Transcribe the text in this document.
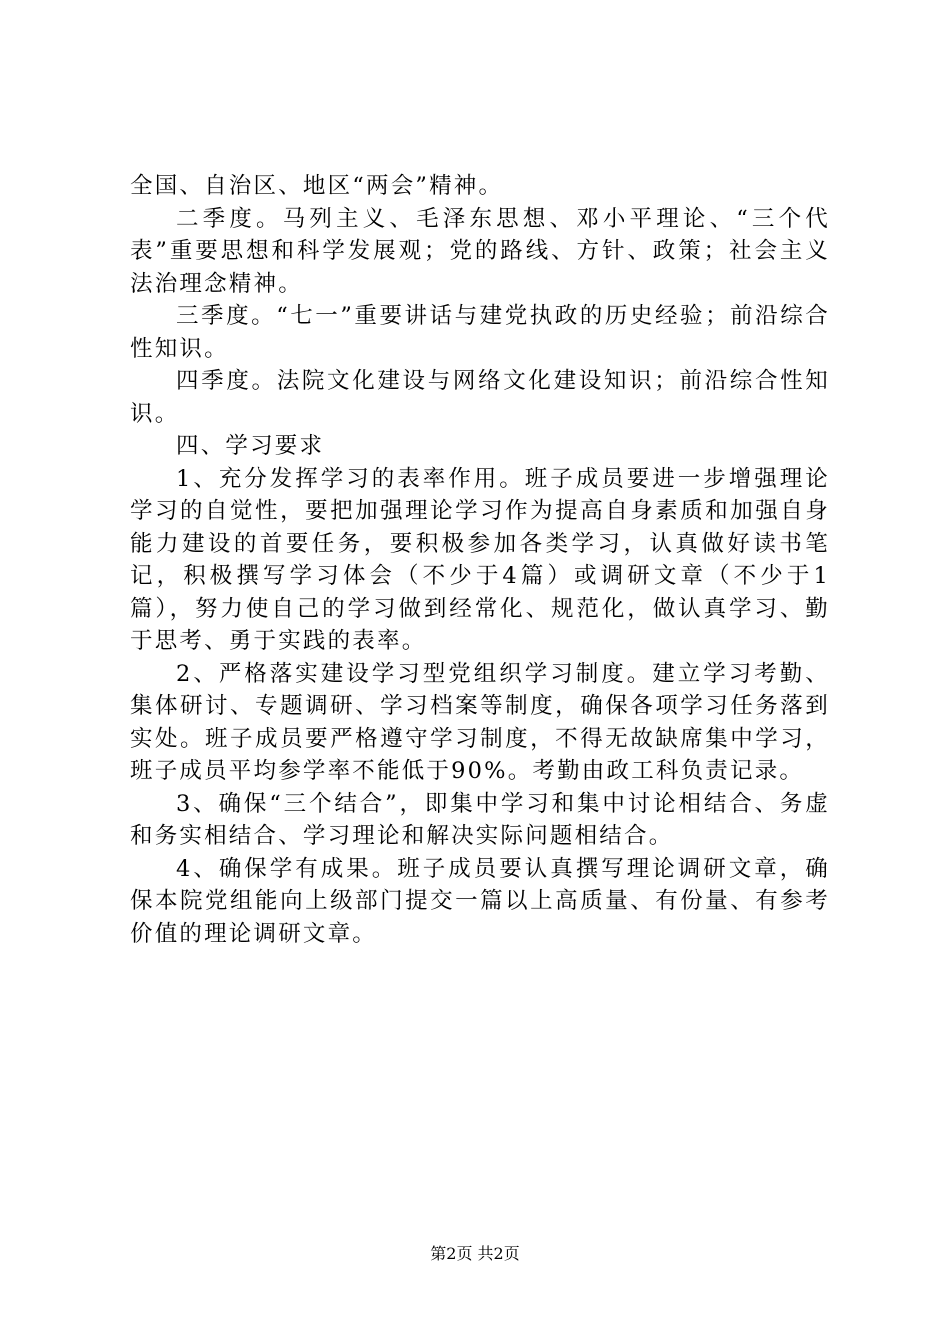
全国、自治区、地区“两会”精神。

二季度。马列主义、毛泽东思想、邓小平理论、“三个代表”重要思想和科学发展观；党的路线、方针、政策；社会主义法治理念精神。

三季度。“七一”重要讲话与建党执政的历史经验；前沿综合性知识。

四季度。法院文化建设与网络文化建设知识；前沿综合性知识。

四、学习要求

1、充分发挥学习的表率作用。班子成员要进一步增强理论学习的自觉性，要把加强理论学习作为提高自身素质和加强自身能力建设的首要任务，要积极参加各类学习，认真做好读书笔记，积极撰写学习体会（不少于4篇）或调研文章（不少于1篇），努力使自己的学习做到经常化、规范化，做认真学习、勤于思考、勇于实践的表率。

2、严格落实建设学习型党组织学习制度。建立学习考勤、集体研讨、专题调研、学习档案等制度，确保各项学习任务落到实处。班子成员要严格遵守学习制度，不得无故缺席集中学习，班子成员平均参学率不能低于90%。考勤由政工科负责记录。

3、确保“三个结合”，即集中学习和集中讨论相结合、务虚和务实相结合、学习理论和解决实际问题相结合。

4、确保学有成果。班子成员要认真撰写理论调研文章，确保本院党组能向上级部门提交一篇以上高质量、有份量、有参考价值的理论调研文章。

第2页 共2页
